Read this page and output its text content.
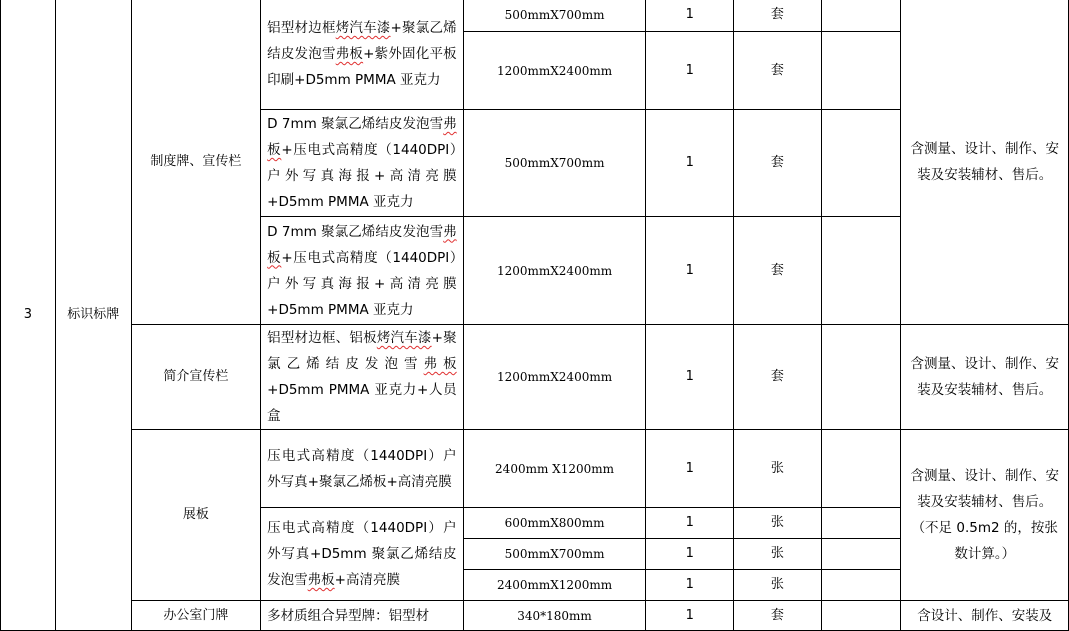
3	标识标牌	制度牌、宣传栏	铝型材边框烤汽车漆+聚氯乙烯结皮发泡雪弗板+紫外固化平板印刷+D5mm PMMA 亚克力	500mmX700mm	1	套		含测量、设计、制作、安装及安装辅材、售后。
				1200mmX2400mm	1	套		
			D 7mm 聚氯乙烯结皮发泡雪弗板+压电式高精度（1440DPI）户外写真海报+高清亮膜+D5mm PMMA 亚克力	500mmX700mm	1	套		
			D 7mm 聚氯乙烯结皮发泡雪弗板+压电式高精度（1440DPI）户外写真海报+高清亮膜+D5mm PMMA 亚克力	1200mmX2400mm	1	套		
		简介宣传栏	铝型材边框、铝板烤汽车漆+聚氯乙烯结皮发泡雪弗板+D5mm PMMA 亚克力+人员盒	1200mmX2400mm	1	套		含测量、设计、制作、安装及安装辅材、售后。
		展板	压电式高精度（1440DPI）户外写真+聚氯乙烯板+高清亮膜	2400mm X1200mm	1	张		含测量、设计、制作、安装及安装辅材、售后。（不足 0.5m2 的，按张数计算。）
			压电式高精度（1440DPI）户外写真+D5mm 聚氯乙烯结皮发泡雪弗板+高清亮膜	600mmX800mm	1	张		
				500mmX700mm	1	张		
				2400mmX1200mm	1	张		
		办公室门牌	多材质组合异型牌：铝型材	340*180mm	1	套		含设计、制作、安装及
